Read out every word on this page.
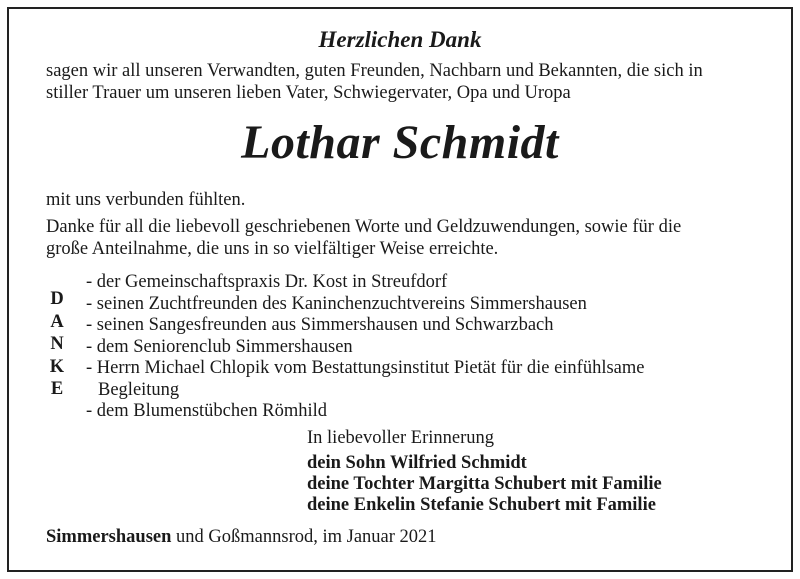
Herzlichen Dank
sagen wir all unseren Verwandten, guten Freunden, Nachbarn und Bekannten, die sich in
stiller Trauer um unseren lieben Vater, Schwiegervater, Opa und Uropa
Lothar Schmidt
mit uns verbunden fühlten.
Danke für all die liebevoll geschriebenen Worte und Geldzuwendungen, sowie für die
große Anteilnahme, die uns in so vielfältiger Weise erreichte.
D
A
N
K
E
- der Gemeinschaftspraxis Dr. Kost in Streufdorf
- seinen Zuchtfreunden des Kaninchenzuchtvereins Simmershausen
- seinen Sangesfreunden aus Simmershausen und Schwarzbach
- dem Seniorenclub Simmershausen
- Herrn Michael Chlopik vom Bestattungsinstitut Pietät für die einfühlsame
Begleitung
- dem Blumenstübchen Römhild
In liebevoller Erinnerung
dein Sohn Wilfried Schmidt
deine Tochter Margitta Schubert mit Familie
deine Enkelin Stefanie Schubert mit Familie
Simmershausen und Goßmannsrod, im Januar 2021
